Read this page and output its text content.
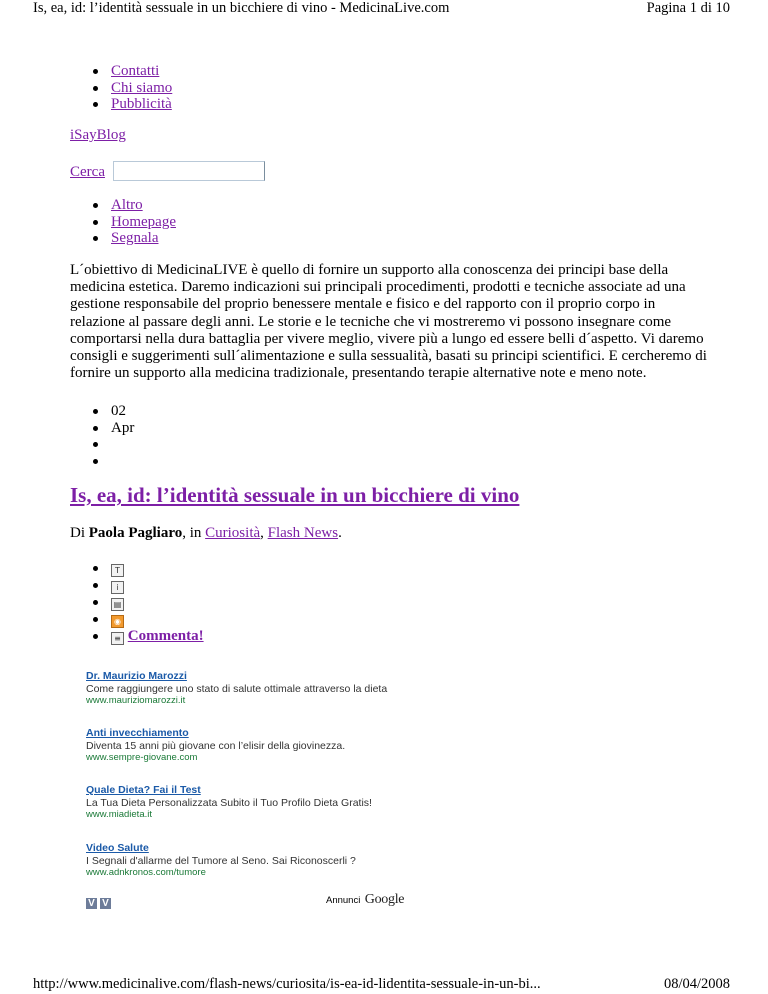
Is, ea, id: l’identità sessuale in un bicchiere di vino - MedicinaLive.com	Pagina 1 di 10
Contatti
Chi siamo
Pubblicità
iSayBlog
Cerca
Altro
Homepage
Segnala
L´obiettivo di MedicinaLIVE è quello di fornire un supporto alla conoscenza dei principi base della medicina estetica. Daremo indicazioni sui principali procedimenti, prodotti e tecniche associate ad una gestione responsabile del proprio benessere mentale e fisico e del rapporto con il proprio corpo in relazione al passare degli anni. Le storie e le tecniche che vi mostreremo vi possono insegnare come comportarsi nella dura battaglia per vivere meglio, vivere più a lungo ed essere belli d´aspetto. Vi daremo consigli e suggerimenti sull´alimentazione e sulla sessualità, basati su principi scientifici. E cercheremo di fornire un supporto alla medicina tradizionale, presentando terapie alternative note e meno note.
02
Apr

Is, ea, id: l’identità sessuale in un bicchiere di vino
Di Paola Pagliaro, in Curiosità, Flash News.
T
i
▤
◉
≡ Commenta!
Dr. Maurizio Marozzi
Come raggiungere uno stato di salute ottimale attraverso la dieta
www.mauriziomarozzi.it
Anti invecchiamento
Diventa 15 anni più giovane con l’elisir della giovinezza.
www.sempre-giovane.com
Quale Dieta? Fai il Test
La Tua Dieta Personalizzata Subito il Tuo Profilo Dieta Gratis!
www.miadieta.it
Video Salute
I Segnali d'allarme del Tumore al Seno. Sai Riconoscerli ?
www.adnkronos.com/tumore
V V	Annunci Google
http://www.medicinalive.com/flash-news/curiosita/is-ea-id-lidentita-sessuale-in-un-bi...	08/04/2008
